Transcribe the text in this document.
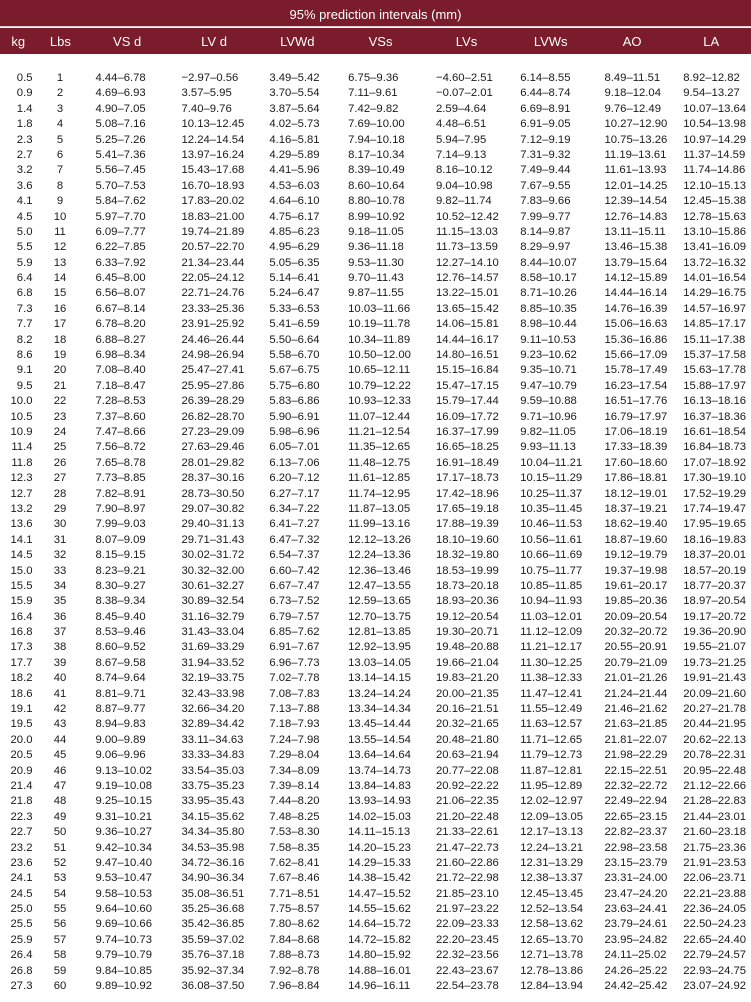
95% prediction intervals (mm)
kg	Lbs	VS d	LV d	LVWd	VSs	LVs	LVWs	AO	LA
0.5	1	4.44–6.78	−2.97–0.56	3.49–5.42	6.75–9.36	−4.60–2.51	6.14–8.55	8.49–11.51	8.92–12.82
0.9	2	4.69–6.93	3.57–5.95	3.70–5.54	7.11–9.61	−0.07–2.01	6.44–8.74	9.18–12.04	9.54–13.27
1.4	3	4.90–7.05	7.40–9.76	3.87–5.64	7.42–9.82	2.59–4.64	6.69–8.91	9.76–12.49	10.07–13.64
1.8	4	5.08–7.16	10.13–12.45	4.02–5.73	7.69–10.00	4.48–6.51	6.91–9.05	10.27–12.90	10.54–13.98
2.3	5	5.25–7.26	12.24–14.54	4.16–5.81	7.94–10.18	5.94–7.95	7.12–9.19	10.75–13.26	10.97–14.29
2.7	6	5.41–7.36	13.97–16.24	4.29–5.89	8.17–10.34	7.14–9.13	7.31–9.32	11.19–13.61	11.37–14.59
3.2	7	5.56–7.45	15.43–17.68	4.41–5.96	8.39–10.49	8.16–10.12	7.49–9.44	11.61–13.93	11.74–14.86
3.6	8	5.70–7.53	16.70–18.93	4.53–6.03	8.60–10.64	9.04–10.98	7.67–9.55	12.01–14.25	12.10–15.13
4.1	9	5.84–7.62	17.83–20.02	4.64–6.10	8.80–10.78	9.82–11.74	7.83–9.66	12.39–14.54	12.45–15.38
4.5	10	5.97–7.70	18.83–21.00	4.75–6.17	8.99–10.92	10.52–12.42	7.99–9.77	12.76–14.83	12.78–15.63
5.0	11	6.09–7.77	19.74–21.89	4.85–6.23	9.18–11.05	11.15–13.03	8.14–9.87	13.11–15.11	13.10–15.86
5.5	12	6.22–7.85	20.57–22.70	4.95–6.29	9.36–11.18	11.73–13.59	8.29–9.97	13.46–15.38	13.41–16.09
5.9	13	6.33–7.92	21.34–23.44	5.05–6.35	9.53–11.30	12.27–14.10	8.44–10.07	13.79–15.64	13.72–16.32
6.4	14	6.45–8.00	22.05–24.12	5.14–6.41	9.70–11.43	12.76–14.57	8.58–10.17	14.12–15.89	14.01–16.54
6.8	15	6.56–8.07	22.71–24.76	5.24–6.47	9.87–11.55	13.22–15.01	8.71–10.26	14.44–16.14	14.29–16.75
7.3	16	6.67–8.14	23.33–25.36	5.33–6.53	10.03–11.66	13.65–15.42	8.85–10.35	14.76–16.39	14.57–16.97
7.7	17	6.78–8.20	23.91–25.92	5.41–6.59	10.19–11.78	14.06–15.81	8.98–10.44	15.06–16.63	14.85–17.17
8.2	18	6.88–8.27	24.46–26.44	5.50–6.64	10.34–11.89	14.44–16.17	9.11–10.53	15.36–16.86	15.11–17.38
8.6	19	6.98–8.34	24.98–26.94	5.58–6.70	10.50–12.00	14.80–16.51	9.23–10.62	15.66–17.09	15.37–17.58
9.1	20	7.08–8.40	25.47–27.41	5.67–6.75	10.65–12.11	15.15–16.84	9.35–10.71	15.78–17.49	15.63–17.78
9.5	21	7.18–8.47	25.95–27.86	5.75–6.80	10.79–12.22	15.47–17.15	9.47–10.79	16.23–17.54	15.88–17.97
10.0	22	7.28–8.53	26.39–28.29	5.83–6.86	10.93–12.33	15.79–17.44	9.59–10.88	16.51–17.76	16.13–18.16
10.5	23	7.37–8.60	26.82–28.70	5.90–6.91	11.07–12.44	16.09–17.72	9.71–10.96	16.79–17.97	16.37–18.36
10.9	24	7.47–8.66	27.23–29.09	5.98–6.96	11.21–12.54	16.37–17.99	9.82–11.05	17.06–18.19	16.61–18.54
11.4	25	7.56–8.72	27.63–29.46	6.05–7.01	11.35–12.65	16.65–18.25	9.93–11.13	17.33–18.39	16.84–18.73
11.8	26	7.65–8.78	28.01–29.82	6.13–7.06	11.48–12.75	16.91–18.49	10.04–11.21	17.60–18.60	17.07–18.92
12.3	27	7.73–8.85	28.37–30.16	6.20–7.12	11.61–12.85	17.17–18.73	10.15–11.29	17.86–18.81	17.30–19.10
12.7	28	7.82–8.91	28.73–30.50	6.27–7.17	11.74–12.95	17.42–18.96	10.25–11.37	18.12–19.01	17.52–19.29
13.2	29	7.90–8.97	29.07–30.82	6.34–7.22	11.87–13.05	17.65–19.18	10.35–11.45	18.37–19.21	17.74–19.47
13.6	30	7.99–9.03	29.40–31.13	6.41–7.27	11.99–13.16	17.88–19.39	10.46–11.53	18.62–19.40	17.95–19.65
14.1	31	8.07–9.09	29.71–31.43	6.47–7.32	12.12–13.26	18.10–19.60	10.56–11.61	18.87–19.60	18.16–19.83
14.5	32	8.15–9.15	30.02–31.72	6.54–7.37	12.24–13.36	18.32–19.80	10.66–11.69	19.12–19.79	18.37–20.01
15.0	33	8.23–9.21	30.32–32.00	6.60–7.42	12.36–13.46	18.53–19.99	10.75–11.77	19.37–19.98	18.57–20.19
15.5	34	8.30–9.27	30.61–32.27	6.67–7.47	12.47–13.55	18.73–20.18	10.85–11.85	19.61–20.17	18.77–20.37
15.9	35	8.38–9.34	30.89–32.54	6.73–7.52	12.59–13.65	18.93–20.36	10.94–11.93	19.85–20.36	18.97–20.54
16.4	36	8.45–9.40	31.16–32.79	6.79–7.57	12.70–13.75	19.12–20.54	11.03–12.01	20.09–20.54	19.17–20.72
16.8	37	8.53–9.46	31.43–33.04	6.85–7.62	12.81–13.85	19.30–20.71	11.12–12.09	20.32–20.72	19.36–20.90
17.3	38	8.60–9.52	31.69–33.29	6.91–7.67	12.92–13.95	19.48–20.88	11.21–12.17	20.55–20.91	19.55–21.07
17.7	39	8.67–9.58	31.94–33.52	6.96–7.73	13.03–14.05	19.66–21.04	11.30–12.25	20.79–21.09	19.73–21.25
18.2	40	8.74–9.64	32.19–33.75	7.02–7.78	13.14–14.15	19.83–21.20	11.38–12.33	21.01–21.26	19.91–21.43
18.6	41	8.81–9.71	32.43–33.98	7.08–7.83	13.24–14.24	20.00–21.35	11.47–12.41	21.24–21.44	20.09–21.60
19.1	42	8.87–9.77	32.66–34.20	7.13–7.88	13.34–14.34	20.16–21.51	11.55–12.49	21.46–21.62	20.27–21.78
19.5	43	8.94–9.83	32.89–34.42	7.18–7.93	13.45–14.44	20.32–21.65	11.63–12.57	21.63–21.85	20.44–21.95
20.0	44	9.00–9.89	33.11–34.63	7.24–7.98	13.55–14.54	20.48–21.80	11.71–12.65	21.81–22.07	20.62–22.13
20.5	45	9.06–9.96	33.33–34.83	7.29–8.04	13.64–14.64	20.63–21.94	11.79–12.73	21.98–22.29	20.78–22.31
20.9	46	9.13–10.02	33.54–35.03	7.34–8.09	13.74–14.73	20.77–22.08	11.87–12.81	22.15–22.51	20.95–22.48
21.4	47	9.19–10.08	33.75–35.23	7.39–8.14	13.84–14.83	20.92–22.22	11.95–12.89	22.32–22.72	21.12–22.66
21.8	48	9.25–10.15	33.95–35.43	7.44–8.20	13.93–14.93	21.06–22.35	12.02–12.97	22.49–22.94	21.28–22.83
22.3	49	9.31–10.21	34.15–35.62	7.48–8.25	14.02–15.03	21.20–22.48	12.09–13.05	22.65–23.15	21.44–23.01
22.7	50	9.36–10.27	34.34–35.80	7.53–8.30	14.11–15.13	21.33–22.61	12.17–13.13	22.82–23.37	21.60–23.18
23.2	51	9.42–10.34	34.53–35.98	7.58–8.35	14.20–15.23	21.47–22.73	12.24–13.21	22.98–23.58	21.75–23.36
23.6	52	9.47–10.40	34.72–36.16	7.62–8.41	14.29–15.33	21.60–22.86	12.31–13.29	23.15–23.79	21.91–23.53
24.1	53	9.53–10.47	34.90–36.34	7.67–8.46	14.38–15.42	21.72–22.98	12.38–13.37	23.31–24.00	22.06–23.71
24.5	54	9.58–10.53	35.08–36.51	7.71–8.51	14.47–15.52	21.85–23.10	12.45–13.45	23.47–24.20	22.21–23.88
25.0	55	9.64–10.60	35.25–36.68	7.75–8.57	14.55–15.62	21.97–23.22	12.52–13.54	23.63–24.41	22.36–24.05
25.5	56	9.69–10.66	35.42–36.85	7.80–8.62	14.64–15.72	22.09–23.33	12.58–13.62	23.79–24.61	22.50–24.23
25.9	57	9.74–10.73	35.59–37.02	7.84–8.68	14.72–15.82	22.20–23.45	12.65–13.70	23.95–24.82	22.65–24.40
26.4	58	9.79–10.79	35.76–37.18	7.88–8.73	14.80–15.92	22.32–23.56	12.71–13.78	24.11–25.02	22.79–24.57
26.8	59	9.84–10.85	35.92–37.34	7.92–8.78	14.88–16.01	22.43–23.67	12.78–13.86	24.26–25.22	22.93–24.75
27.3	60	9.89–10.92	36.08–37.50	7.96–8.84	14.96–16.11	22.54–23.78	12.84–13.94	24.42–25.42	23.07–24.92
